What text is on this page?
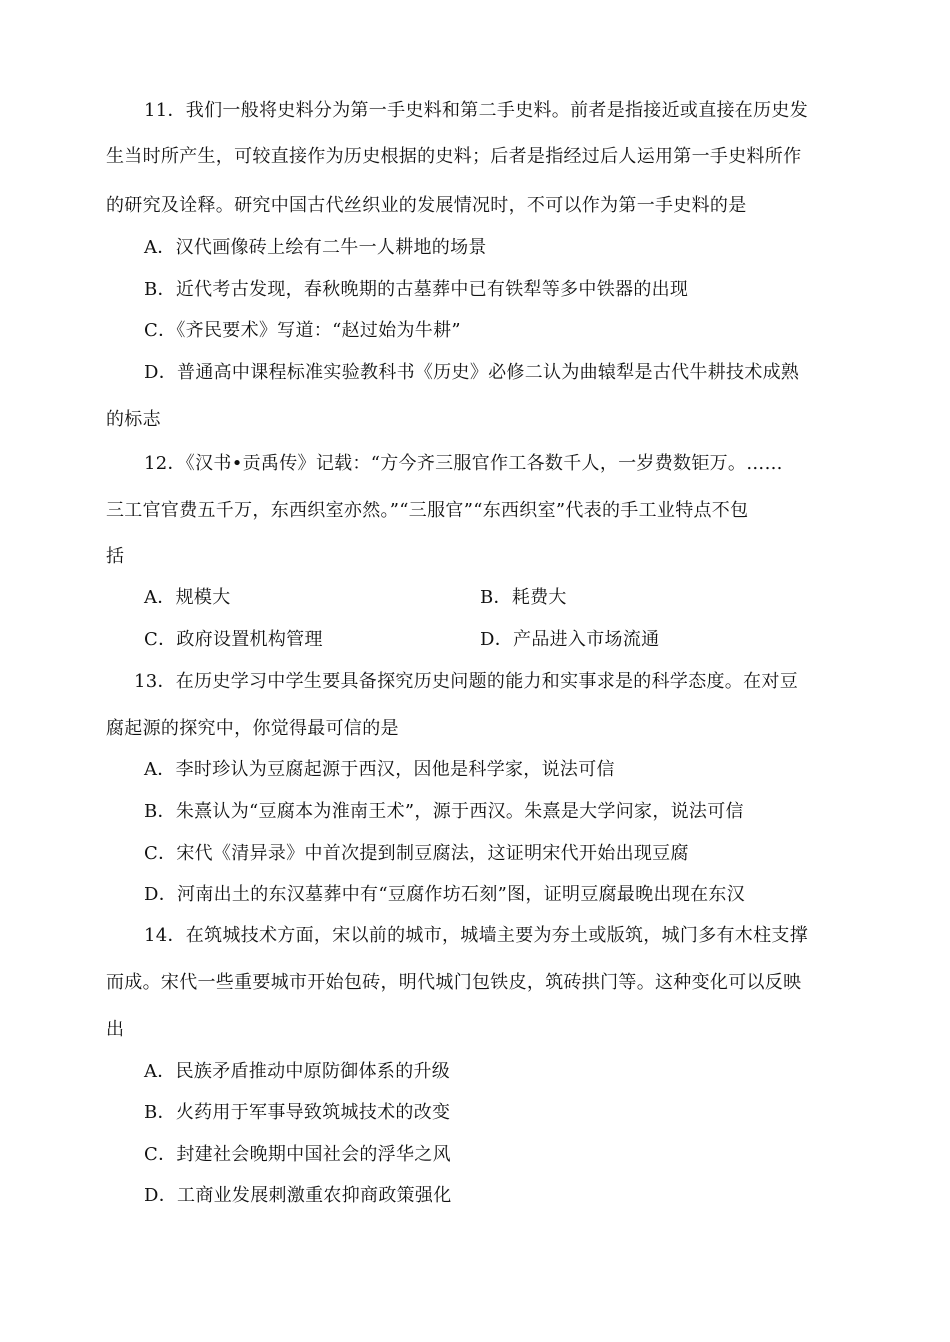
11．我们一般将史料分为第一手史料和第二手史料。前者是指接近或直接在历史发
生当时所产生，可较直接作为历史根据的史料；后者是指经过后人运用第一手史料所作
的研究及诠释。研究中国古代丝织业的发展情况时，不可以作为第一手史料的是
A．汉代画像砖上绘有二牛一人耕地的场景
B．近代考古发现，春秋晚期的古墓葬中已有铁犁等多中铁器的出现
C．《齐民要术》写道：“赵过始为牛耕”
D．普通高中课程标准实验教科书《历史》必修二认为曲辕犁是古代牛耕技术成熟
的标志
12．《汉书•贡禹传》记载：“方今齐三服官作工各数千人，一岁费数钜万。……
三工官官费五千万，东西织室亦然。”“三服官”“东西织室”代表的手工业特点不包
括
A．规模大	B．耗费大
C．政府设置机构管理	D．产品进入市场流通
13．在历史学习中学生要具备探究历史问题的能力和实事求是的科学态度。在对豆
腐起源的探究中，你觉得最可信的是
A．李时珍认为豆腐起源于西汉，因他是科学家，说法可信
B．朱熹认为“豆腐本为淮南王术”，源于西汉。朱熹是大学问家，说法可信
C．宋代《清异录》中首次提到制豆腐法，这证明宋代开始出现豆腐
D．河南出土的东汉墓葬中有“豆腐作坊石刻”图，证明豆腐最晚出现在东汉
14．在筑城技术方面，宋以前的城市，城墙主要为夯土或版筑，城门多有木柱支撑
而成。宋代一些重要城市开始包砖，明代城门包铁皮，筑砖拱门等。这种变化可以反映
出
A．民族矛盾推动中原防御体系的升级
B．火药用于军事导致筑城技术的改变
C．封建社会晚期中国社会的浮华之风
D．工商业发展刺激重农抑商政策强化
